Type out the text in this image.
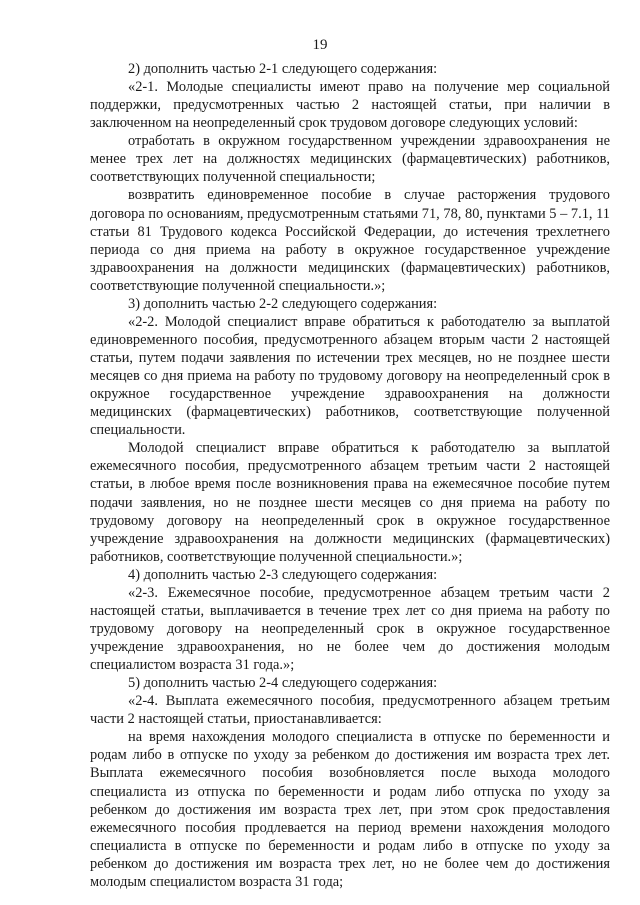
19

2) дополнить частью 2-1 следующего содержания:

«2-1. Молодые специалисты имеют право на получение мер социальной поддержки, предусмотренных частью 2 настоящей статьи, при наличии в заключенном на неопределенный срок трудовом договоре следующих условий:

отработать в окружном государственном учреждении здравоохранения не менее трех лет на должностях медицинских (фармацевтических) работников, соответствующих полученной специальности;

возвратить единовременное пособие в случае расторжения трудового договора по основаниям, предусмотренным статьями 71, 78, 80, пунктами 5 – 7.1, 11 статьи 81 Трудового кодекса Российской Федерации, до истечения трехлетнего периода со дня приема на работу в окружное государственное учреждение здравоохранения на должности медицинских (фармацевтических) работников, соответствующие полученной специальности.»;

3) дополнить частью 2-2 следующего содержания:

«2-2. Молодой специалист вправе обратиться к работодателю за выплатой единовременного пособия, предусмотренного абзацем вторым части 2 настоящей статьи, путем подачи заявления по истечении трех месяцев, но не позднее шести месяцев со дня приема на работу по трудовому договору на неопределенный срок в окружное государственное учреждение здравоохранения на должности медицинских (фармацевтических) работников, соответствующие полученной специальности.

Молодой специалист вправе обратиться к работодателю за выплатой ежемесячного пособия, предусмотренного абзацем третьим части 2 настоящей статьи, в любое время после возникновения права на ежемесячное пособие путем подачи заявления, но не позднее шести месяцев со дня приема на работу по трудовому договору на неопределенный срок в окружное государственное учреждение здравоохранения на должности медицинских (фармацевтических) работников, соответствующие полученной специальности.»;

4) дополнить частью 2-3 следующего содержания:

«2-3. Ежемесячное пособие, предусмотренное абзацем третьим части 2 настоящей статьи, выплачивается в течение трех лет со дня приема на работу по трудовому договору на неопределенный срок в окружное государственное учреждение здравоохранения, но не более чем до достижения молодым специалистом возраста 31 года.»;

5) дополнить частью 2-4 следующего содержания:

«2-4. Выплата ежемесячного пособия, предусмотренного абзацем третьим части 2 настоящей статьи, приостанавливается:

на время нахождения молодого специалиста в отпуске по беременности и родам либо в отпуске по уходу за ребенком до достижения им возраста трех лет. Выплата ежемесячного пособия возобновляется после выхода молодого специалиста из отпуска по беременности и родам либо отпуска по уходу за ребенком до достижения им возраста трех лет, при этом срок предоставления ежемесячного пособия продлевается на период времени нахождения молодого специалиста в отпуске по беременности и родам либо в отпуске по уходу за ребенком до достижения им возраста трех лет, но не более чем до достижения молодым специалистом возраста 31 года;
